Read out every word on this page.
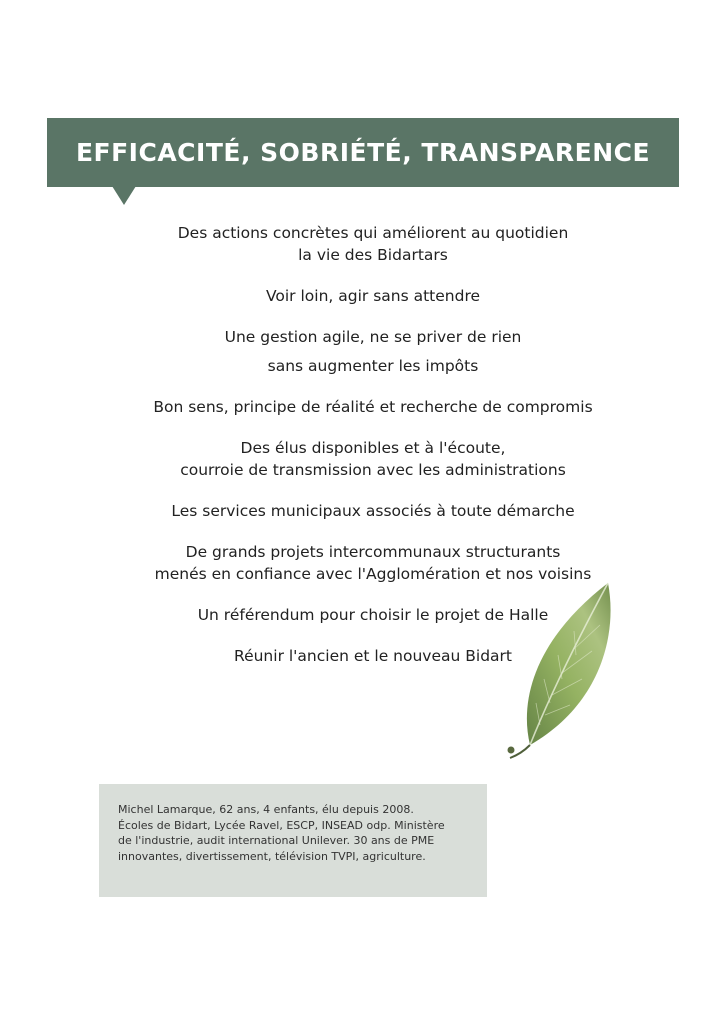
EFFICACITÉ, SOBRIÉTÉ, TRANSPARENCE
Des actions concrètes qui améliorent au quotidien
la vie des Bidartars
Voir loin, agir sans attendre
Une gestion agile, ne se priver de rien
sans augmenter les impôts
Bon sens, principe de réalité et recherche de compromis
Des élus disponibles et à l'écoute,
courroie de transmission avec les administrations
Les services municipaux associés à toute démarche
De grands projets intercommunaux structurants
menés en confiance avec l'Agglomération et nos voisins
Un référendum pour choisir le projet de Halle
Réunir l'ancien et le nouveau Bidart
Michel Lamarque, 62 ans, 4 enfants, élu depuis 2008.
Écoles de Bidart, Lycée Ravel, ESCP, INSEAD odp. Ministère
de l'industrie, audit international Unilever. 30 ans de PME
innovantes, divertissement, télévision TVPI, agriculture.
